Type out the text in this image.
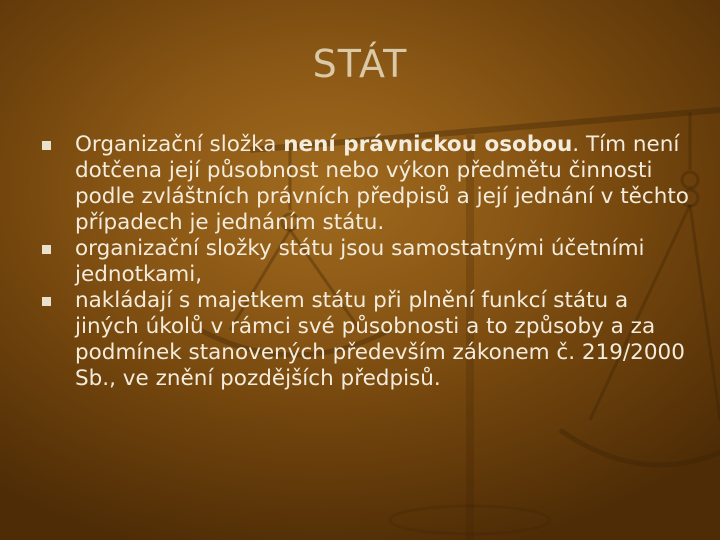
STÁT
Organizační složka není právnickou osobou. Tím není dotčena její působnost nebo výkon předmětu činnosti podle zvláštních právních předpisů a její jednání v těchto případech je jednáním státu.
organizační složky státu jsou samostatnými účetními jednotkami,
nakládají s majetkem státu při plnění funkcí státu a jiných úkolů v rámci své působnosti a to způsoby a za podmínek stanovených především zákonem č. 219/2000 Sb., ve znění pozdějších předpisů.
